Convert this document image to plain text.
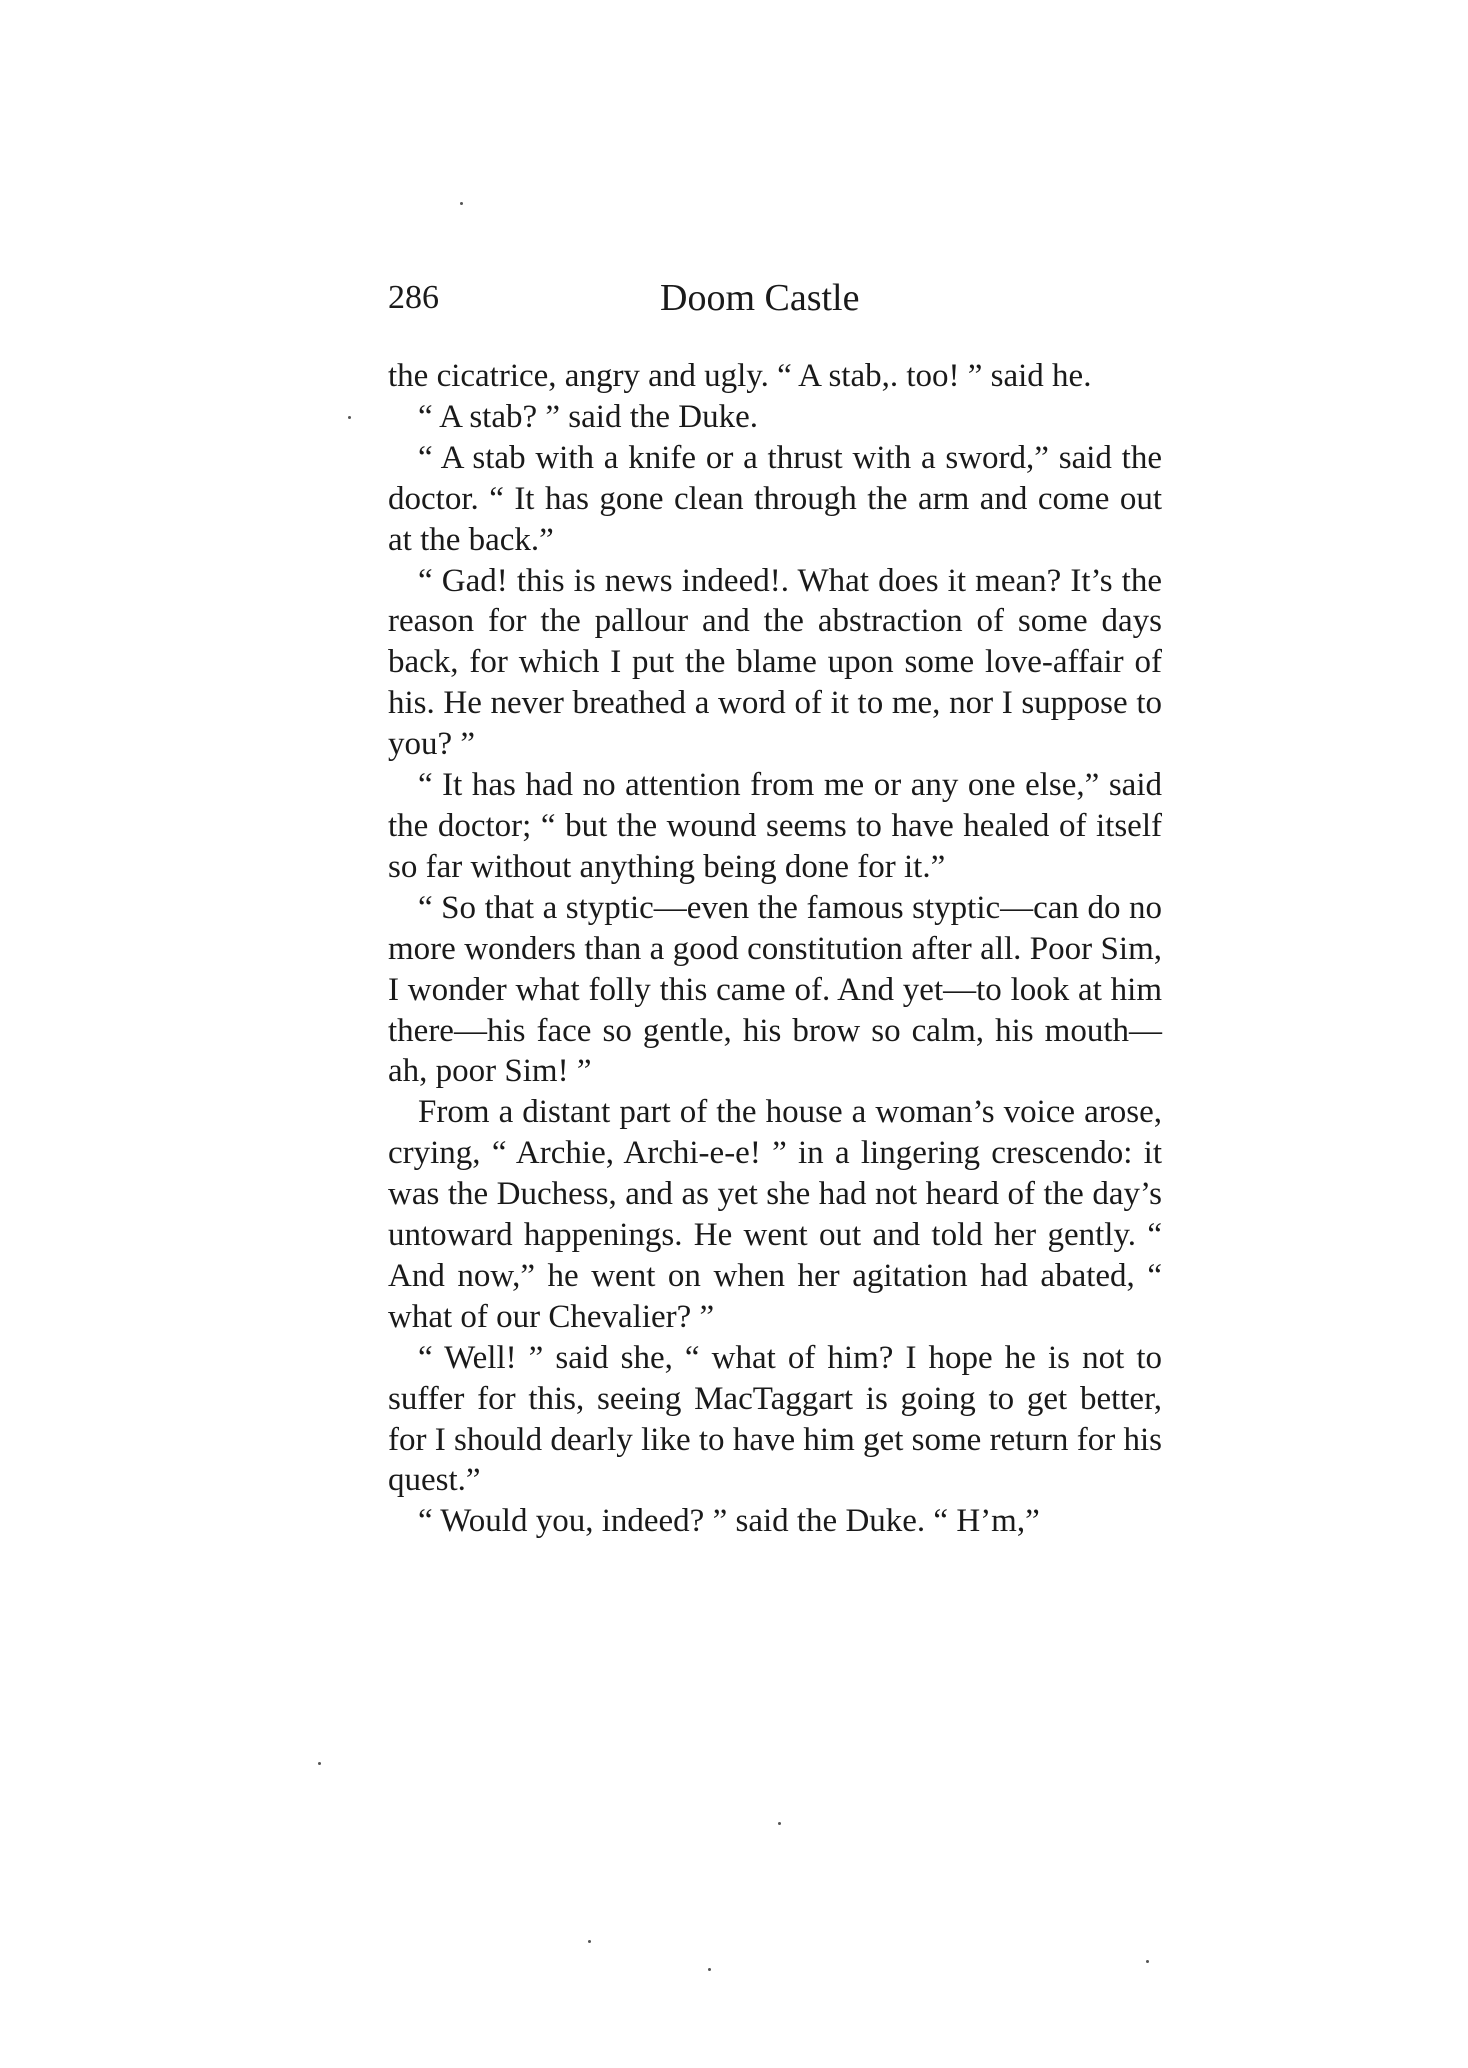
286	Doom Castle

the cicatrice, angry and ugly. “ A stab,. too! ” said he.

“ A stab? ” said the Duke.

“ A stab with a knife or a thrust with a sword,” said the doctor. “ It has gone clean through the arm and come out at the back.”

“ Gad! this is news indeed!. What does it mean? It’s the reason for the pallour and the abstraction of some days back, for which I put the blame upon some love-affair of his. He never breathed a word of it to me, nor I suppose to you? ”

“ It has had no attention from me or any one else,” said the doctor; “ but the wound seems to have healed of itself so far without anything being done for it.”

“ So that a styptic—even the famous styptic—can do no more wonders than a good constitution after all. Poor Sim, I wonder what folly this came of. And yet—to look at him there—his face so gentle, his brow so calm, his mouth—ah, poor Sim! ”

From a distant part of the house a woman’s voice arose, crying, “ Archie, Archi-e-e! ” in a lingering crescendo: it was the Duchess, and as yet she had not heard of the day’s untoward happenings. He went out and told her gently. “ And now,” he went on when her agitation had abated, “ what of our Chevalier? ”

“ Well! ” said she, “ what of him? I hope he is not to suffer for this, seeing MacTaggart is going to get better, for I should dearly like to have him get some return for his quest.”

“ Would you, indeed? ” said the Duke. “ H’m,”
